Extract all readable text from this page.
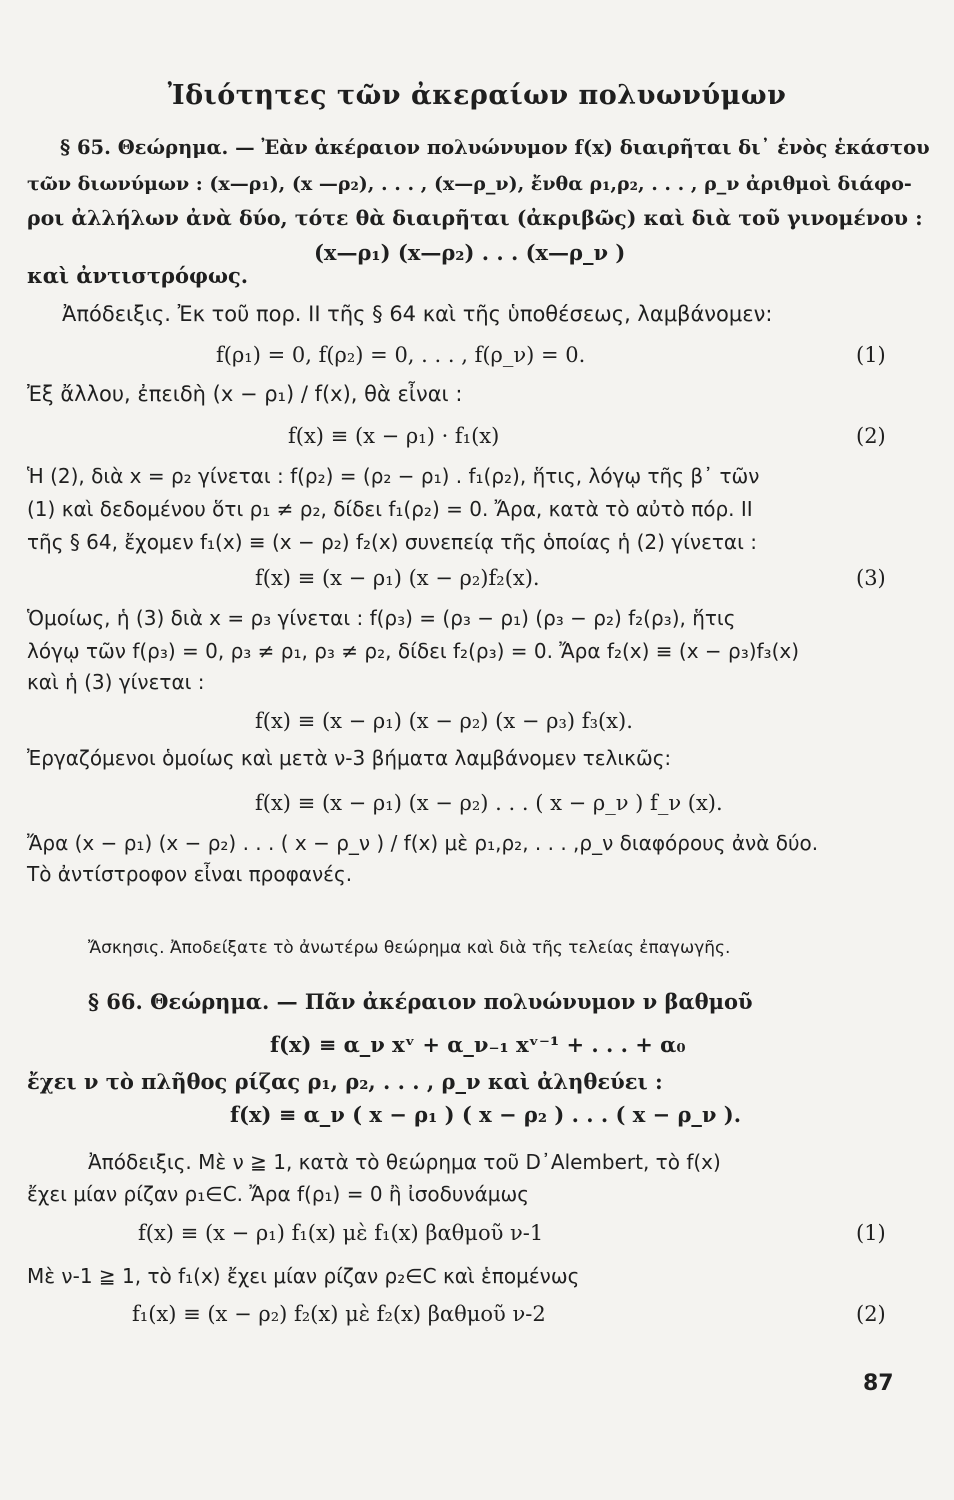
Ἰδιότητες τῶν ἀκεραίων πολυωνύμων
§ 65. Θεώρημα. — Ἐὰν ἀκέραιον πολυώνυμον f(x) διαιρῆται δι᾽ ἑνὸς ἑκάστου
τῶν διωνύμων : (x—ρ₁), (x —ρ₂), . . . , (x—ρ_ν), ἔνθα ρ₁,ρ₂, . . . , ρ_ν ἀριθμοὶ διάφο-
ροι ἀλλήλων ἀνὰ δύο, τότε θὰ διαιρῆται (ἀκριβῶς) καὶ διὰ τοῦ γινομένου :
(x—ρ₁) (x—ρ₂) . . . (x—ρ_ν )
καὶ ἀντιστρόφως.
Ἀπόδειξις. Ἐκ τοῦ πορ. ΙΙ τῆς § 64 καὶ τῆς ὑποθέσεως, λαμβάνομεν:
f(ρ₁) = 0, f(ρ₂) = 0, . . . , f(ρ_ν) = 0.	(1)
Ἐξ ἄλλου, ἐπειδὴ (x − ρ₁) / f(x), θὰ εἶναι :
f(x) ≡ (x − ρ₁) · f₁(x)	(2)
Ἡ (2), διὰ x = ρ₂ γίνεται : f(ρ₂) = (ρ₂ − ρ₁) . f₁(ρ₂), ἥτις, λόγῳ τῆς β᾽ τῶν
(1) καὶ δεδομένου ὅτι ρ₁ ≠ ρ₂, δίδει f₁(ρ₂) = 0. Ἄρα, κατὰ τὸ αὐτὸ πόρ. ΙΙ
τῆς § 64, ἔχομεν f₁(x) ≡ (x − ρ₂) f₂(x) συνεπείᾳ τῆς ὁποίας ἡ (2) γίνεται :
f(x) ≡ (x − ρ₁) (x − ρ₂)f₂(x).	(3)
Ὁμοίως, ἡ (3) διὰ x = ρ₃ γίνεται : f(ρ₃) = (ρ₃ − ρ₁) (ρ₃ − ρ₂) f₂(ρ₃), ἥτις
λόγῳ τῶν f(ρ₃) = 0, ρ₃ ≠ ρ₁, ρ₃ ≠ ρ₂, δίδει f₂(ρ₃) = 0. Ἄρα f₂(x) ≡ (x − ρ₃)f₃(x)
καὶ ἡ (3) γίνεται :
f(x) ≡ (x − ρ₁) (x − ρ₂) (x − ρ₃) f₃(x).
Ἐργαζόμενοι ὁμοίως καὶ μετὰ ν-3 βήματα λαμβάνομεν τελικῶς:
f(x) ≡ (x − ρ₁) (x − ρ₂) . . . ( x − ρ_ν ) f_ν (x).
Ἄρα (x − ρ₁) (x − ρ₂) . . . ( x − ρ_ν ) / f(x) μὲ ρ₁,ρ₂, . . . ,ρ_ν διαφόρους ἀνὰ δύο.
Τὸ ἀντίστροφον εἶναι προφανές.
Ἄσκησις. Ἀποδείξατε τὸ ἀνωτέρω θεώρημα καὶ διὰ τῆς τελείας ἐπαγωγῆς.
§ 66. Θεώρημα. — Πᾶν ἀκέραιον πολυώνυμον ν βαθμοῦ
f(x) ≡ α_ν xᵛ + α_ν₋₁ xᵛ⁻¹ + . . . + α₀
ἔχει ν τὸ πλῆθος ρίζας ρ₁, ρ₂, . . . , ρ_ν καὶ ἀληθεύει :
f(x) ≡ α_ν ( x − ρ₁ ) ( x − ρ₂ ) . . . ( x − ρ_ν ).
Ἀπόδειξις. Μὲ ν ≧ 1, κατὰ τὸ θεώρημα τοῦ D᾽Alembert, τὸ f(x)
ἔχει μίαν ρίζαν ρ₁∈C. Ἄρα f(ρ₁) = 0 ἢ ἰσοδυνάμως
f(x) ≡ (x − ρ₁) f₁(x) μὲ f₁(x) βαθμοῦ ν-1	(1)
Μὲ ν-1 ≧ 1, τὸ f₁(x) ἔχει μίαν ρίζαν ρ₂∈C καὶ ἑπομένως
f₁(x) ≡ (x − ρ₂) f₂(x) μὲ f₂(x) βαθμοῦ ν-2	(2)
87
